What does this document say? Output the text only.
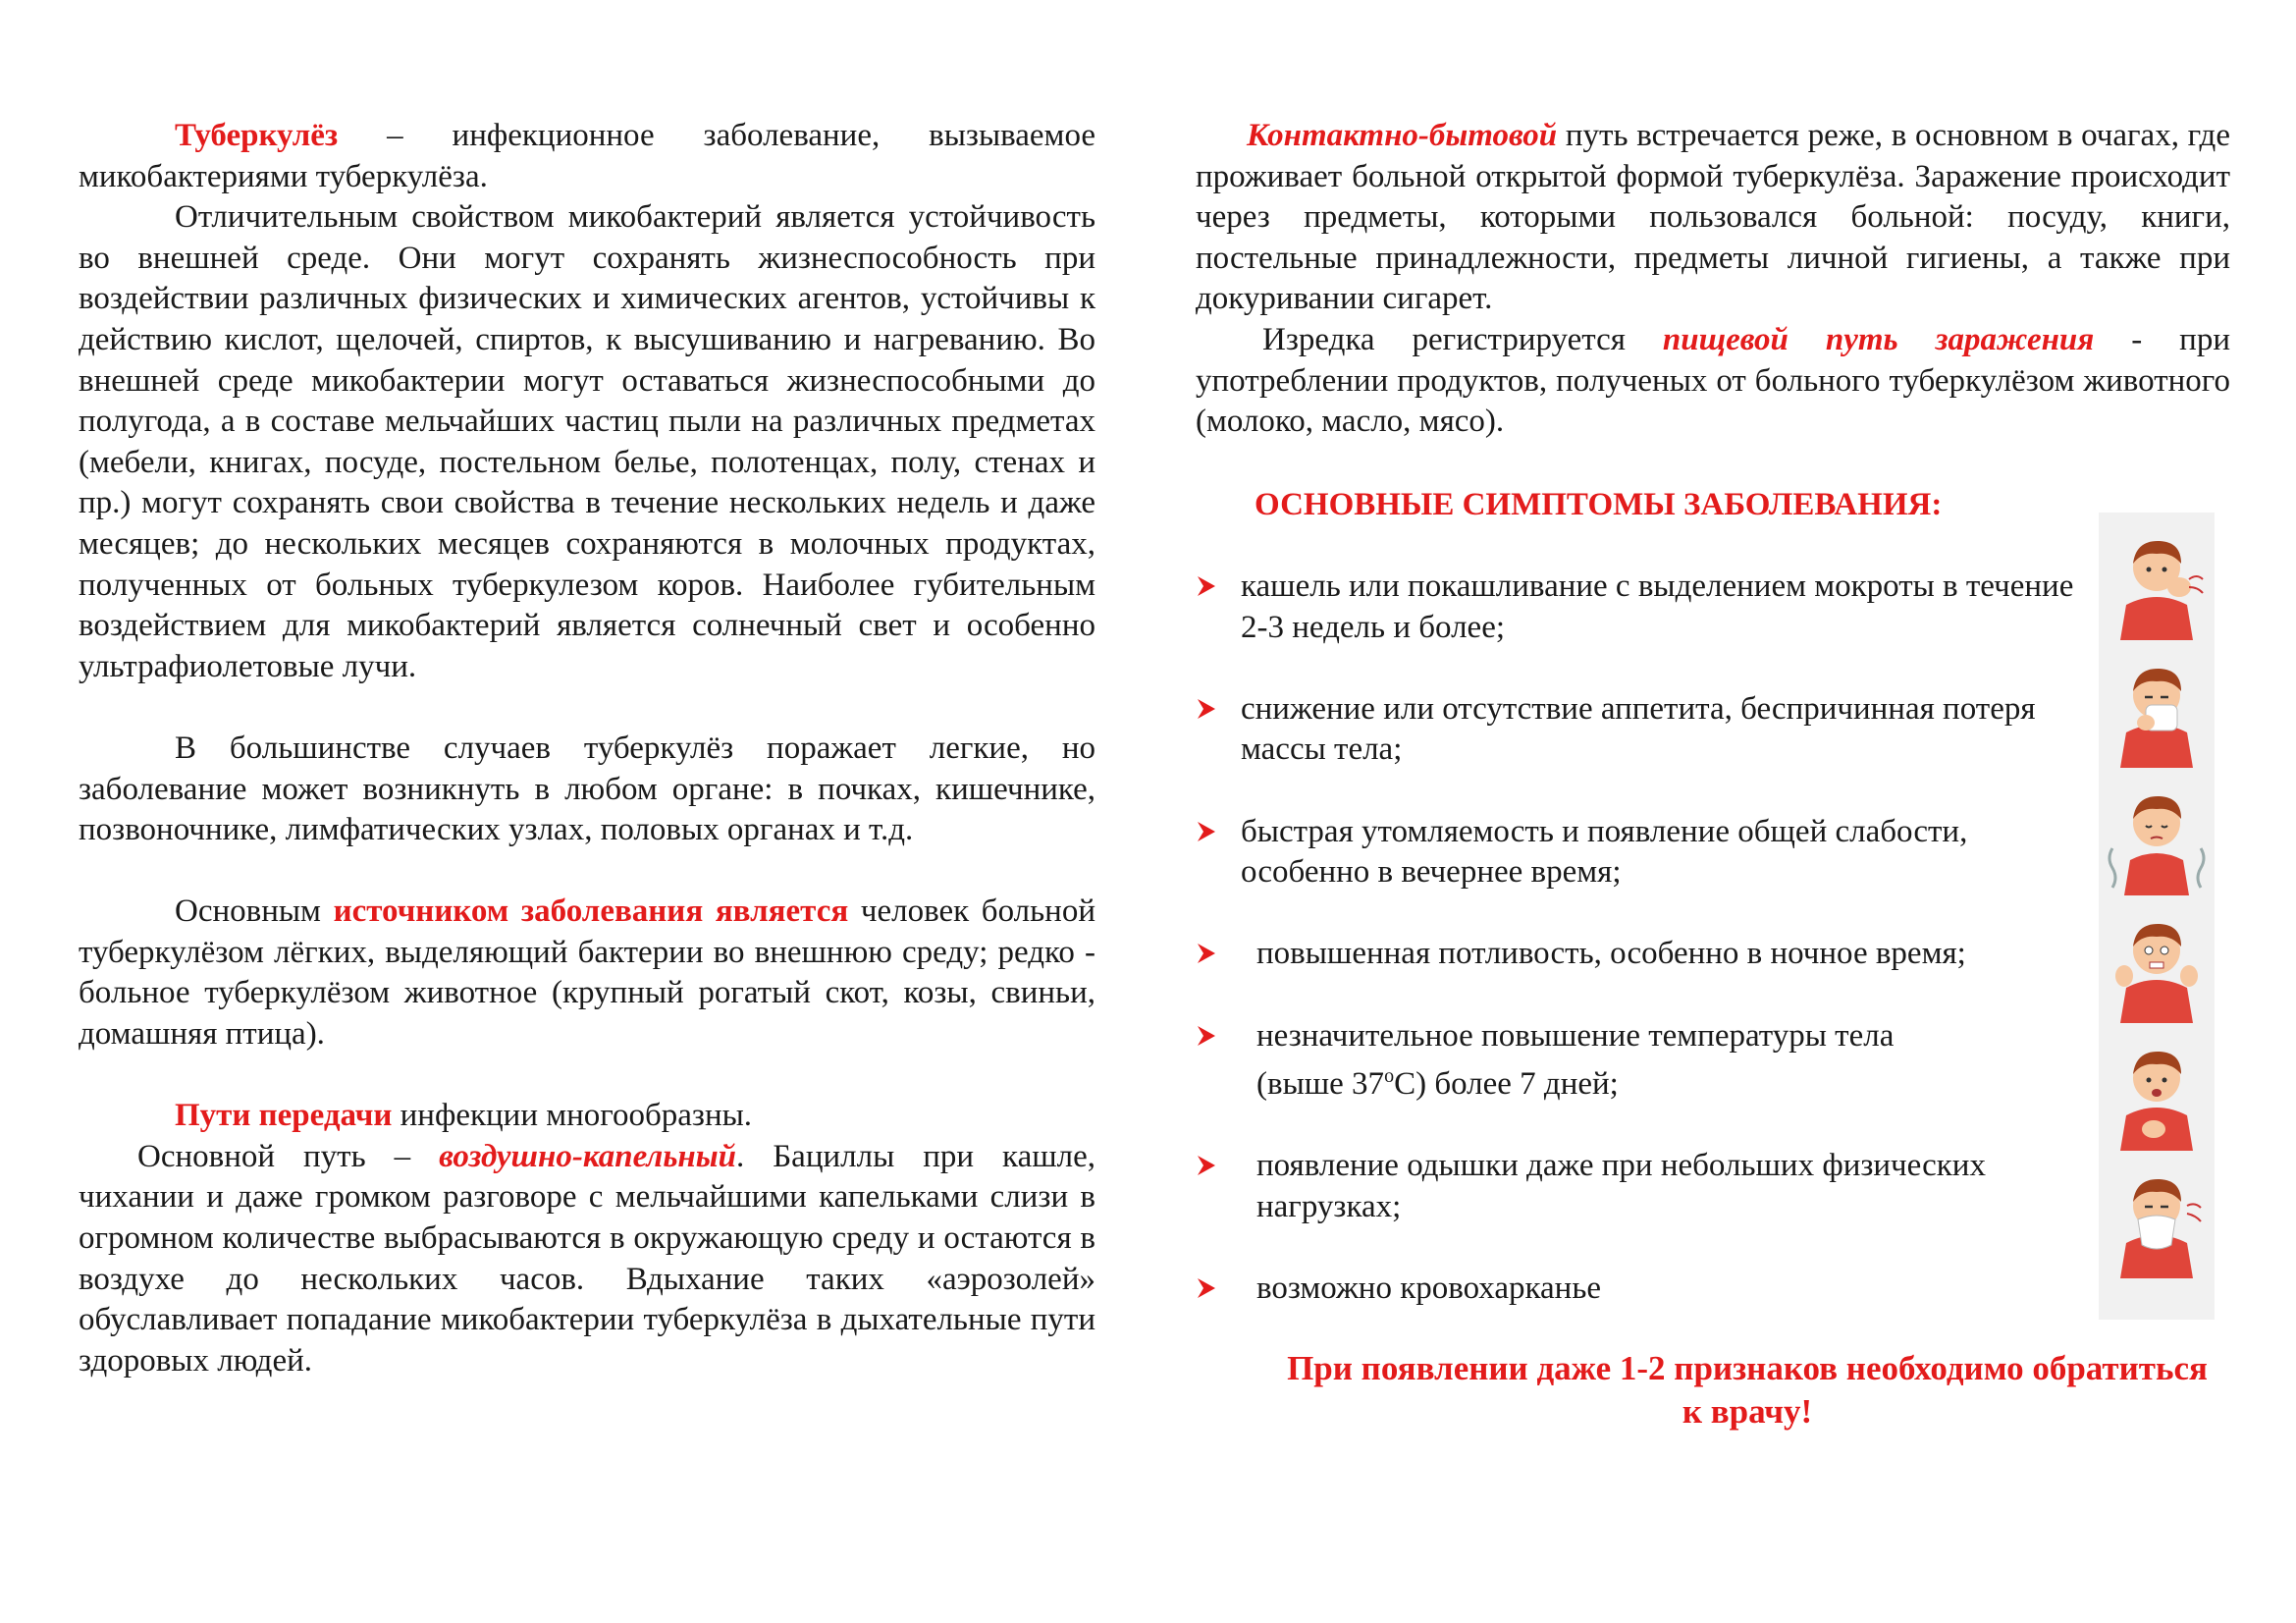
Туберкулёз – инфекционное заболевание, вызываемое микобактериями туберкулёза.

Отличительным свойством микобактерий является устойчивость во внешней среде. Они могут сохранять жизнеспособность при воздействии различных физических и химических агентов, устойчивы к действию кислот, щелочей, спиртов, к высушиванию и нагреванию. Во внешней среде микобактерии могут оставаться жизнеспособными до полугода, а в составе мельчайших частиц пыли на различных предметах (мебели, книгах, посуде, постельном белье, полотенцах, полу, стенах и пр.) могут сохранять свои свойства в течение нескольких недель и даже месяцев; до нескольких месяцев сохраняются в молочных продуктах, полученных от больных туберкулезом коров. Наиболее губительным воздействием для микобактерий является солнечный свет и особенно ультрафиолетовые лучи.

В большинстве случаев туберкулёз поражает легкие, но заболевание может возникнуть в любом органе: в почках, кишечнике, позвоночнике, лимфатических узлах, половых органах и т.д.

Основным источником заболевания является человек больной туберкулёзом лёгких, выделяющий бактерии во внешнюю среду; редко - больное туберкулёзом животное (крупный рогатый скот, козы, свиньи, домашняя птица).

Пути передачи инфекции многообразны.

Основной путь – воздушно-капельный. Бациллы при кашле, чихании и даже громком разговоре с мельчайшими капельками слизи в огромном количестве выбрасываются в окружающую среду и остаются в воздухе до нескольких часов. Вдыхание таких «аэрозолей» обуславливает попадание микобактерии туберкулёза в дыхательные пути здоровых людей.

Контактно-бытовой путь встречается реже, в основном в очагах, где проживает больной открытой формой туберкулёза. Заражение происходит через предметы, которыми пользовался больной: посуду, книги, постельные принадлежности, предметы личной гигиены, а также при докуривании сигарет.

Изредка регистрируется пищевой путь заражения - при употреблении продуктов, полученых от больного туберкулёзом животного (молоко, масло, мясо).

ОСНОВНЫЕ СИМПТОМЫ ЗАБОЛЕВАНИЯ:
кашель или покашливание с выделением мокроты в течение 2-3 недель и более;
снижение или отсутствие аппетита, беспричинная потеря массы тела;
быстрая утомляемость и появление общей слабости, особенно в вечернее время;
повышенная потливость, особенно в ночное время;
незначительное повышение температуры тела
(выше $37^оС$) более 7 дней;
появление одышки даже при небольших физических нагрузках;
возможно кровохарканье
При появлении даже 1-2 признаков необходимо обратиться к врачу!
